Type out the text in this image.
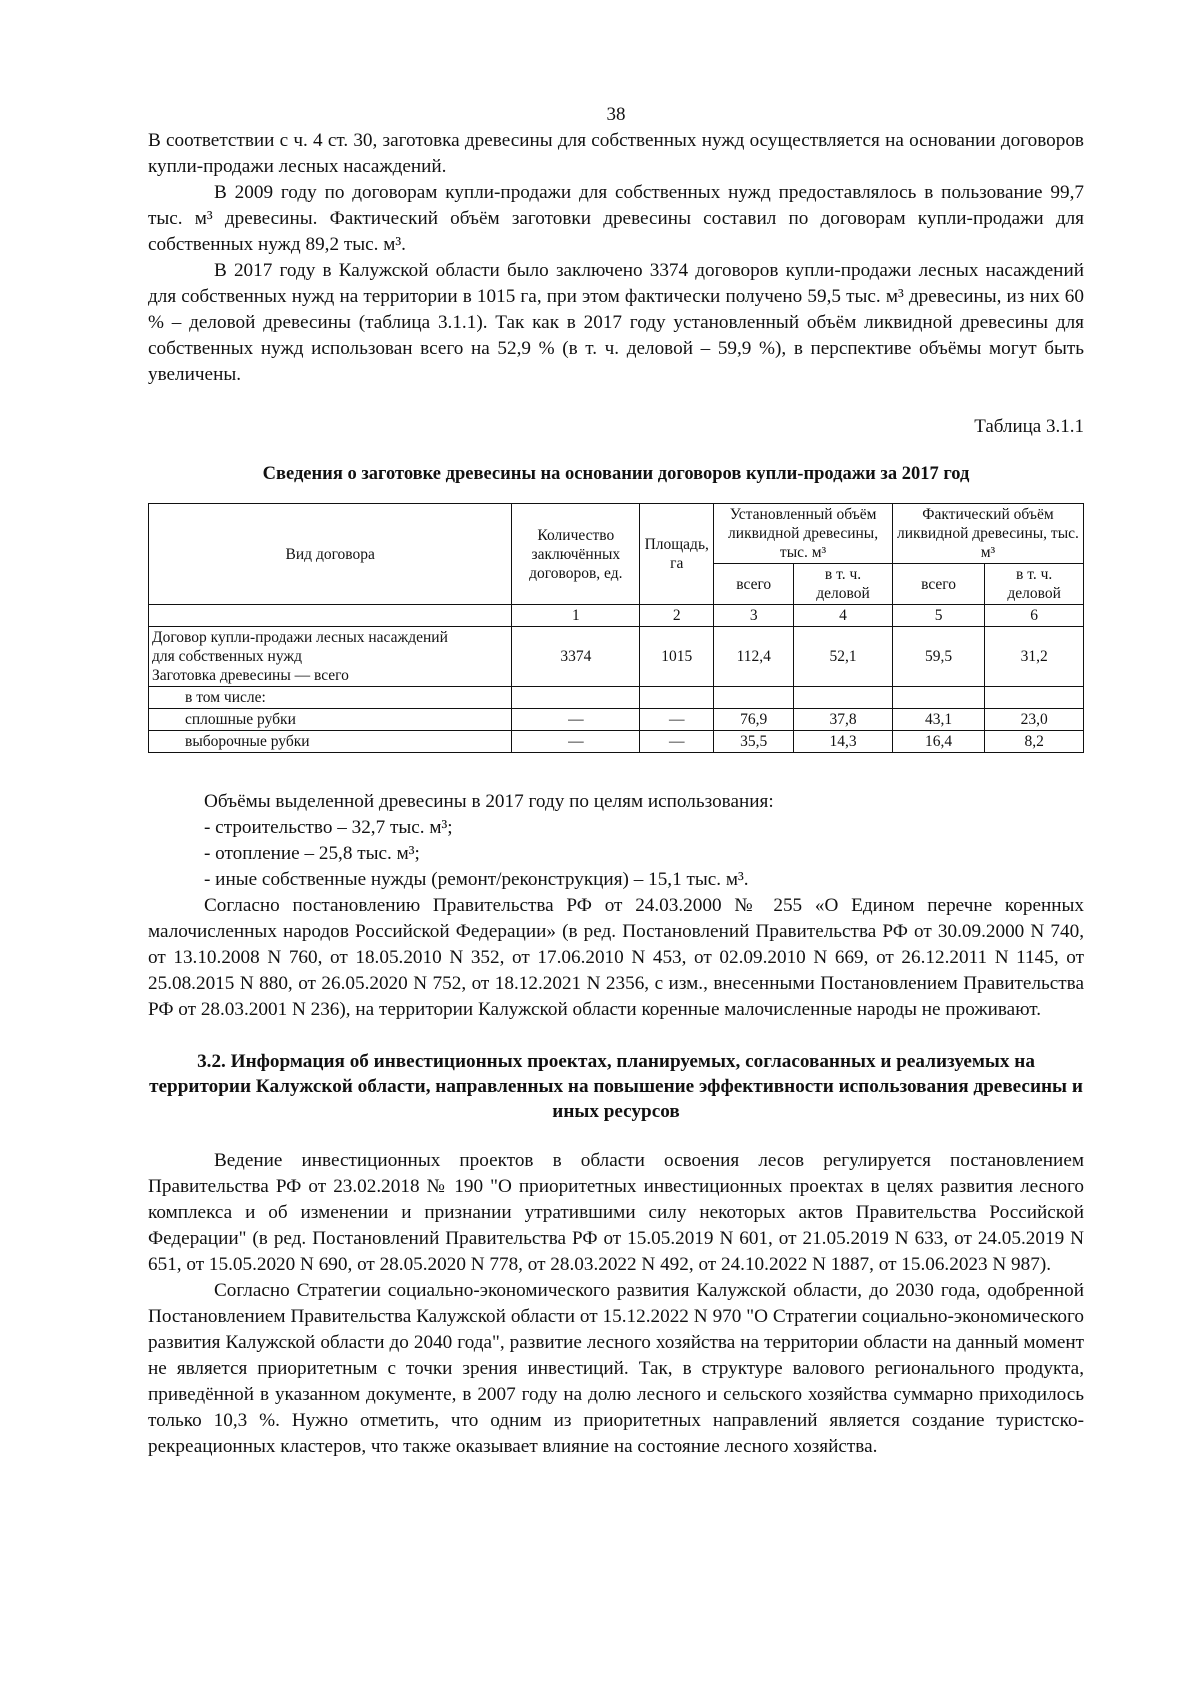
38

В соответствии с ч. 4 ст. 30, заготовка древесины для собственных нужд осуществляется на основании договоров купли-продажи лесных насаждений.

В 2009 году по договорам купли-продажи для собственных нужд предоставлялось в пользование 99,7 тыс. м³ древесины. Фактический объём заготовки древесины составил по договорам купли-продажи для собственных нужд 89,2 тыс. м³.

В 2017 году в Калужской области было заключено 3374 договоров купли-продажи лесных насаждений для собственных нужд на территории в 1015 га, при этом фактически получено 59,5 тыс. м³ древесины, из них 60 % – деловой древесины (таблица 3.1.1). Так как в 2017 году установленный объём ликвидной древесины для собственных нужд использован всего на 52,9 % (в т. ч. деловой – 59,9 %), в перспективе объёмы могут быть увеличены.

Таблица 3.1.1
Сведения о заготовке древесины на основании договоров купли-продажи за 2017 год
Вид договора	Количество заключённых договоров, ед.	Площадь, га	Установленный объём ликвидной древесины, тыс. м³		Фактический объём ликвидной древесины, тыс. м³	
			всего	в т. ч. деловой	всего	в т. ч. деловой
	1	2	3	4	5	6

Договор купли-продажи лесных насаждений
для собственных нужд
Заготовка древесины — всего	3374	1015	112,4	52,1	59,5	31,2
в том числе:						
сплошные рубки	—	—	76,9	37,8	43,1	23,0
выборочные рубки	—	—	35,5	14,3	16,4	8,2

Объёмы выделенной древесины в 2017 году по целям использования:

- строительство – 32,7 тыс. м³;

- отопление – 25,8 тыс. м³;

- иные собственные нужды (ремонт/реконструкция) – 15,1 тыс. м³.

Согласно постановлению Правительства РФ от 24.03.2000 № 255 «О Едином перечне коренных малочисленных народов Российской Федерации» (в ред. Постановлений Правительства РФ от 30.09.2000 N 740, от 13.10.2008 N 760, от 18.05.2010 N 352, от 17.06.2010 N 453, от 02.09.2010 N 669, от 26.12.2011 N 1145, от 25.08.2015 N 880, от 26.05.2020 N 752, от 18.12.2021 N 2356, с изм., внесенными Постановлением Правительства РФ от 28.03.2001 N 236), на территории Калужской области коренные малочисленные народы не проживают.

3.2. Информация об инвестиционных проектах, планируемых, согласованных и реализуемых на территории Калужской области, направленных на повышение эффективности использования древесины и иных ресурсов

Ведение инвестиционных проектов в области освоения лесов регулируется постановлением Правительства РФ от 23.02.2018 № 190 "О приоритетных инвестиционных проектах в целях развития лесного комплекса и об изменении и признании утратившими силу некоторых актов Правительства Российской Федерации" (в ред. Постановлений Правительства РФ от 15.05.2019 N 601, от 21.05.2019 N 633, от 24.05.2019 N 651, от 15.05.2020 N 690, от 28.05.2020 N 778, от 28.03.2022 N 492, от 24.10.2022 N 1887, от 15.06.2023 N 987).

Согласно Стратегии социально-экономического развития Калужской области, до 2030 года, одобренной Постановлением Правительства Калужской области от 15.12.2022 N 970 "О Стратегии социально-экономического развития Калужской области до 2040 года", развитие лесного хозяйства на территории области на данный момент не является приоритетным с точки зрения инвестиций. Так, в структуре валового регионального продукта, приведённой в указанном документе, в 2007 году на долю лесного и сельского хозяйства суммарно приходилось только 10,3 %. Нужно отметить, что одним из приоритетных направлений является создание туристско-рекреационных кластеров, что также оказывает влияние на состояние лесного хозяйства.
